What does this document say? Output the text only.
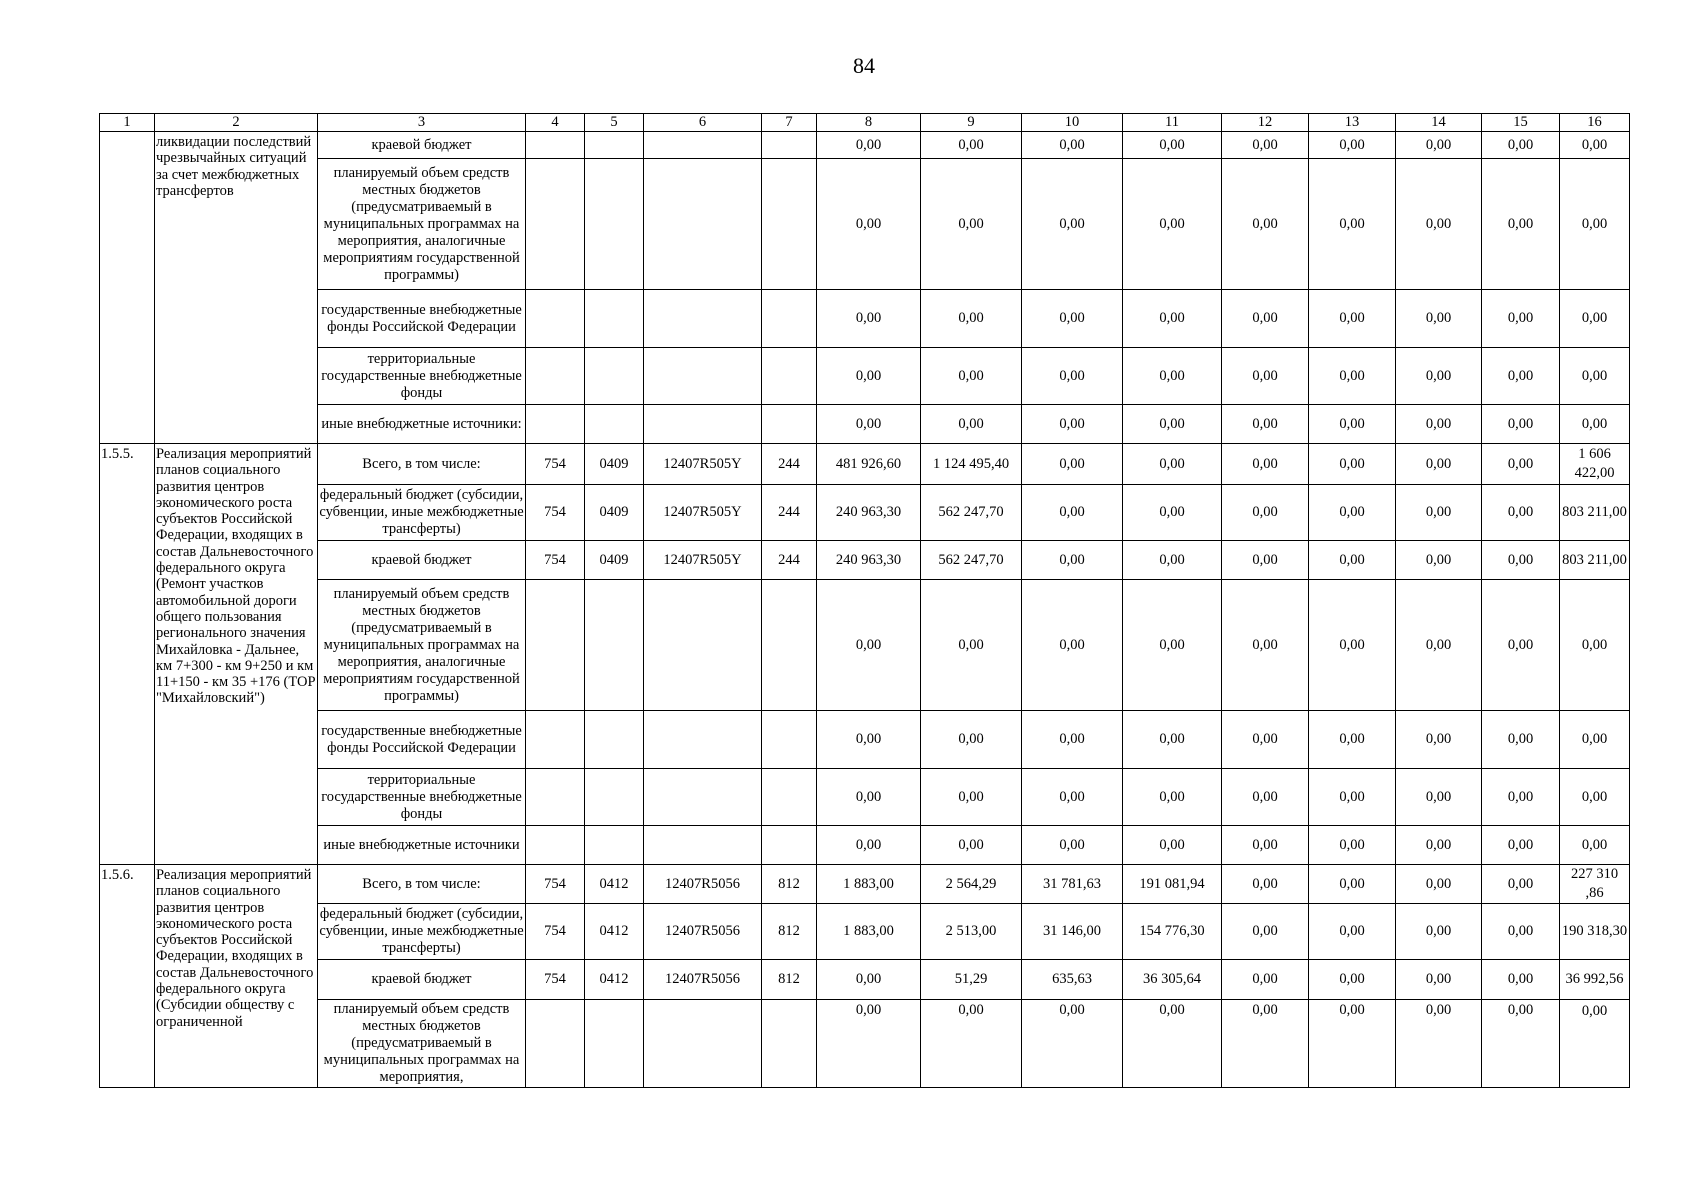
84
1	2	3	4	5	6	7	8	9	10	11	12	13	14	15	16
	ликвидации последствий чрезвычайных ситуаций за счет межбюджетных трансфертов	краевой бюджет					0,00	0,00	0,00	0,00	0,00	0,00	0,00	0,00	0,00
		планируемый объем средств местных бюджетов (предусматриваемый в муниципальных программах на мероприятия, аналогичные мероприятиям государственной программы)					0,00	0,00	0,00	0,00	0,00	0,00	0,00	0,00	0,00
		государственные внебюджетные фонды Российской Федерации					0,00	0,00	0,00	0,00	0,00	0,00	0,00	0,00	0,00
		территориальные государственные внебюджетные фонды					0,00	0,00	0,00	0,00	0,00	0,00	0,00	0,00	0,00
		иные внебюджетные источники:					0,00	0,00	0,00	0,00	0,00	0,00	0,00	0,00	0,00
1.5.5.	Реализация мероприятий планов социального развития центров экономического роста субъектов Российской Федерации, входящих в состав Дальневосточного федерального округа (Ремонт участков автомобильной дороги общего пользования регионального значения Михайловка - Дальнее, км 7+300 - км 9+250 и км 11+150 - км 35 +176 (ТОР "Михайловский")	Всего, в том числе:	754	0409	12407R505Y	244	481 926,60	1 124 495,40	0,00	0,00	0,00	0,00	0,00	0,00	1 606 422,00
		федеральный бюджет (субсидии, субвенции, иные межбюджетные трансферты)	754	0409	12407R505Y	244	240 963,30	562 247,70	0,00	0,00	0,00	0,00	0,00	0,00	803 211,00
		краевой бюджет	754	0409	12407R505Y	244	240 963,30	562 247,70	0,00	0,00	0,00	0,00	0,00	0,00	803 211,00
		планируемый объем средств местных бюджетов (предусматриваемый в муниципальных программах на мероприятия, аналогичные мероприятиям государственной программы)					0,00	0,00	0,00	0,00	0,00	0,00	0,00	0,00	0,00
		государственные внебюджетные фонды Российской Федерации					0,00	0,00	0,00	0,00	0,00	0,00	0,00	0,00	0,00
		территориальные государственные внебюджетные фонды					0,00	0,00	0,00	0,00	0,00	0,00	0,00	0,00	0,00
		иные внебюджетные источники					0,00	0,00	0,00	0,00	0,00	0,00	0,00	0,00	0,00
1.5.6.	Реализация мероприятий планов социального развития центров экономического роста субъектов Российской Федерации, входящих в состав Дальневосточного федерального округа (Субсидии обществу с ограниченной	Всего, в том числе:	754	0412	12407R5056	812	1 883,00	2 564,29	31 781,63	191 081,94	0,00	0,00	0,00	0,00	227 310 ,86
		федеральный бюджет (субсидии, субвенции, иные межбюджетные трансферты)	754	0412	12407R5056	812	1 883,00	2 513,00	31 146,00	154 776,30	0,00	0,00	0,00	0,00	190 318,30
		краевой бюджет	754	0412	12407R5056	812	0,00	51,29	635,63	36 305,64	0,00	0,00	0,00	0,00	36 992,56
		планируемый объем средств местных бюджетов (предусматриваемый в муниципальных программах на мероприятия,					0,00	0,00	0,00	0,00	0,00	0,00	0,00	0,00	0,00
